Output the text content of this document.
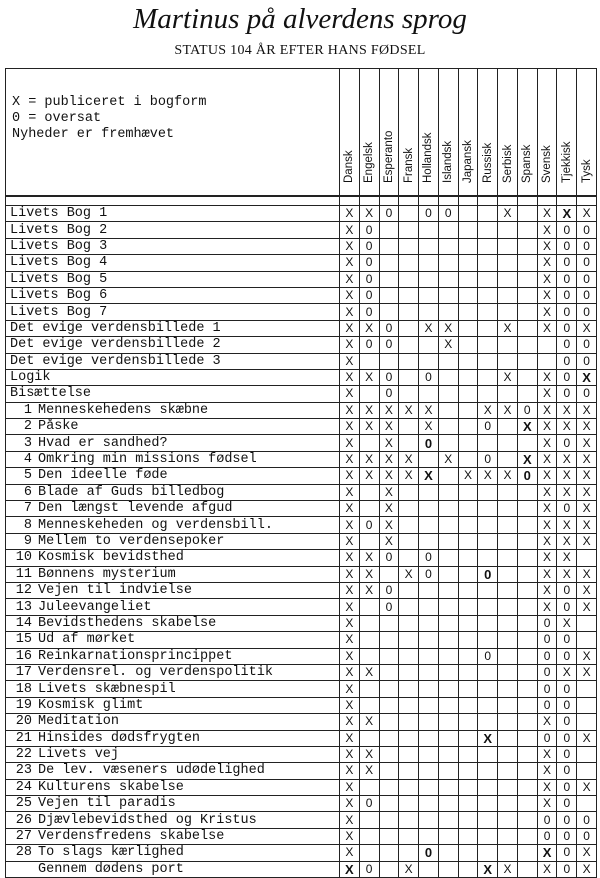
Martinus på alverdens sprog
STATUS 104 ÅR EFTER HANS FØDSEL
X = publiceret i bogform
0 = oversat
Nyheder er fremhævet	Dansk	Engelsk	Esperanto	Fransk	Hollandsk	Islandsk	Japansk	Russisk	Serbisk	Spansk	Svensk	Tjekkisk	Tysk

Livets Bog 1	X	X	0		0	0			X		X	X	X
Livets Bog 2	X	0									X	0	0
Livets Bog 3	X	0									X	0	0
Livets Bog 4	X	0									X	0	0
Livets Bog 5	X	0									X	0	0
Livets Bog 6	X	0									X	0	0
Livets Bog 7	X	0									X	0	0
Det evige verdensbillede 1	X	X	0		X	X			X		X	0	X
Det evige verdensbillede 2	X	0	0			X						0	0
Det evige verdensbillede 3	X											0	0
Logik	X	X	0		0				X		X	0	X
Bisættelse	X		0								X	0	0
1 Menneskehedens skæbne	X	X	X	X	X			X	X	0	X	X	X
2 Påske	X	X	X		X			0		X	X	X	X
3 Hvad er sandhed?	X		X		0						X	0	X
4 Omkring min missions fødsel	X	X	X	X		X		0		X	X	X	X
5 Den ideelle føde	X	X	X	X	X		X	X	X	0	X	X	X
6 Blade af Guds billedbog	X		X								X	X	X
7 Den længst levende afgud	X		X								X	0	X
8 Menneskeheden og verdensbill.	X	0	X								X	X	X
9 Mellem to verdensepoker	X		X								X	X	X
10 Kosmisk bevidsthed	X	X	0		0						X	X	
11 Bønnens mysterium	X	X		X	0			0			X	X	X
12 Vejen til indvielse	X	X	0								X	0	X
13 Juleevangeliet	X		0								X	0	X
14 Bevidsthedens skabelse	X										0	X	
15 Ud af mørket	X										0	0	
16 Reinkarnationsprincippet	X							0			0	0	X
17 Verdensrel. og verdenspolitik	X	X									0	X	X
18 Livets skæbnespil	X										0	0	
19 Kosmisk glimt	X										0	0	
20 Meditation	X	X									X	0	
21 Hinsides dødsfrygten	X							X			0	0	X
22 Livets vej	X	X									X	0	
23 De lev. væseners udødelighed	X	X									X	0	
24 Kulturens skabelse	X										X	0	X
25 Vejen til paradis	X	0									X	0	
26 Djævlebevidsthed og Kristus	X										0	0	0
27 Verdensfredens skabelse	X										0	0	0
28 To slags kærlighed	X				0						X	0	X
Gennem dødens port	X	0		X				X	X		X	0	X
